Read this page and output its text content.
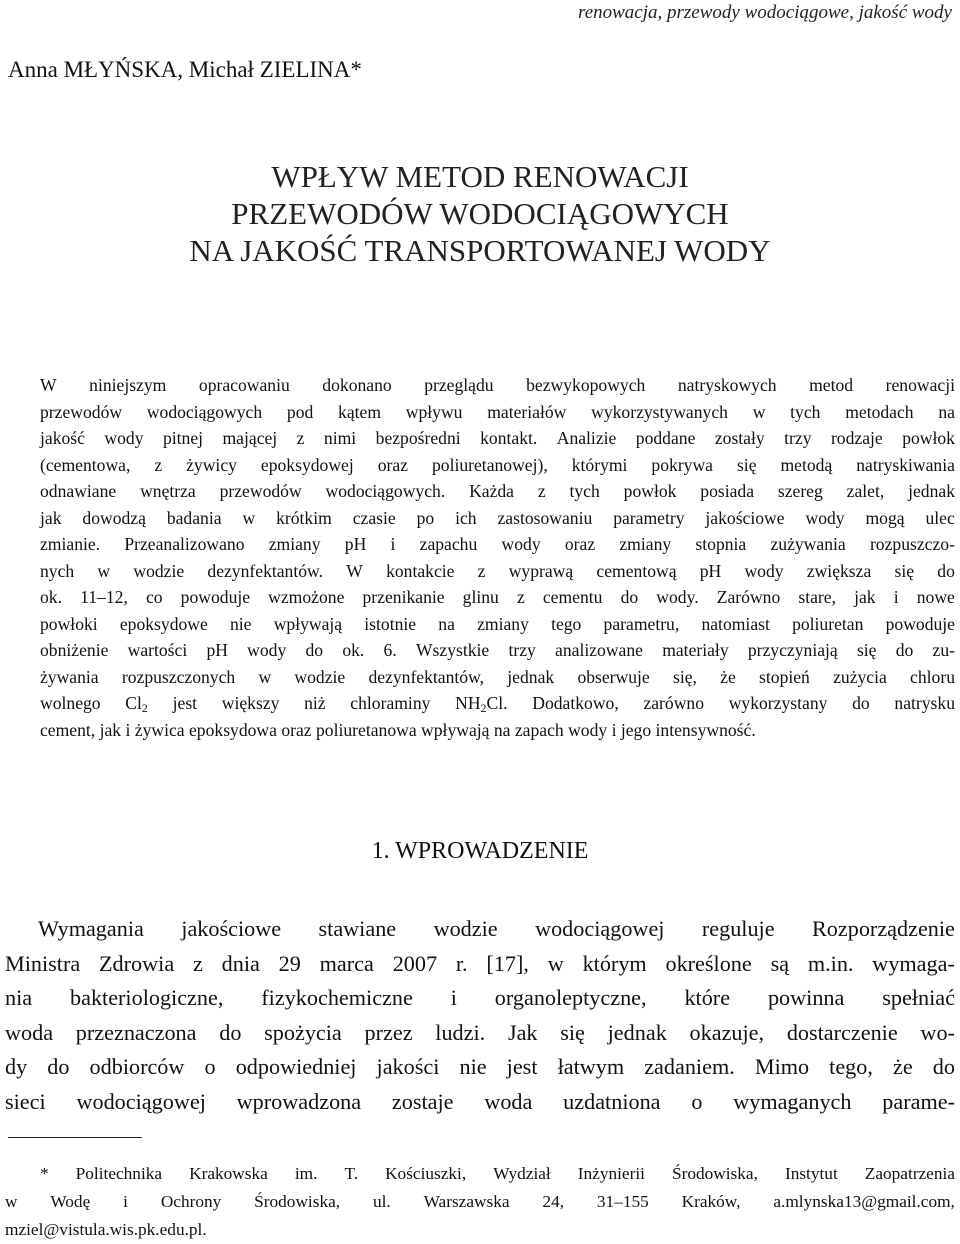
renowacja, przewody wodociągowe, jakość wody
Anna MŁYŃSKA, Michał ZIELINA*
WPŁYW METOD RENOWACJI
PRZEWODÓW WODOCIĄGOWYCH
NA JAKOŚĆ TRANSPORTOWANEJ WODY
W niniejszym opracowaniu dokonano przeglądu bezwykopowych natryskowych metod renowacji
przewodów wodociągowych pod kątem wpływu materiałów wykorzystywanych w tych metodach na
jakość wody pitnej mającej z nimi bezpośredni kontakt. Analizie poddane zostały trzy rodzaje powłok
(cementowa, z żywicy epoksydowej oraz poliuretanowej), którymi pokrywa się metodą natryskiwania
odnawiane wnętrza przewodów wodociągowych. Każda z tych powłok posiada szereg zalet, jednak
jak dowodzą badania w krótkim czasie po ich zastosowaniu parametry jakościowe wody mogą ulec
zmianie. Przeanalizowano zmiany pH i zapachu wody oraz zmiany stopnia zużywania rozpuszczo-
nych w wodzie dezynfektantów. W kontakcie z wyprawą cementową pH wody zwiększa się do
ok. 11–12, co powoduje wzmożone przenikanie glinu z cementu do wody. Zarówno stare, jak i nowe
powłoki epoksydowe nie wpływają istotnie na zmiany tego parametru, natomiast poliuretan powoduje
obniżenie wartości pH wody do ok. 6. Wszystkie trzy analizowane materiały przyczyniają się do zu-
żywania rozpuszczonych w wodzie dezynfektantów, jednak obserwuje się, że stopień zużycia chloru
wolnego $Cl_2$ jest większy niż chloraminy $NH_2Cl$. Dodatkowo, zarówno wykorzystany do natrysku
cement, jak i żywica epoksydowa oraz poliuretanowa wpływają na zapach wody i jego intensywność.
1. WPROWADZENIE
Wymagania jakościowe stawiane wodzie wodociągowej reguluje Rozporządzenie
Ministra Zdrowia z dnia 29 marca 2007 r. [17], w którym określone są m.in. wymaga-
nia bakteriologiczne, fizykochemiczne i organoleptyczne, które powinna spełniać
woda przeznaczona do spożycia przez ludzi. Jak się jednak okazuje, dostarczenie wo-
dy do odbiorców o odpowiedniej jakości nie jest łatwym zadaniem. Mimo tego, że do
sieci wodociągowej wprowadzona zostaje woda uzdatniona o wymaganych parame-
* Politechnika Krakowska im. T. Kościuszki, Wydział Inżynierii Środowiska, Instytut Zaopatrzenia
w Wodę i Ochrony Środowiska, ul. Warszawska 24, 31–155 Kraków, a.mlynska13@gmail.com,
mziel@vistula.wis.pk.edu.pl.
